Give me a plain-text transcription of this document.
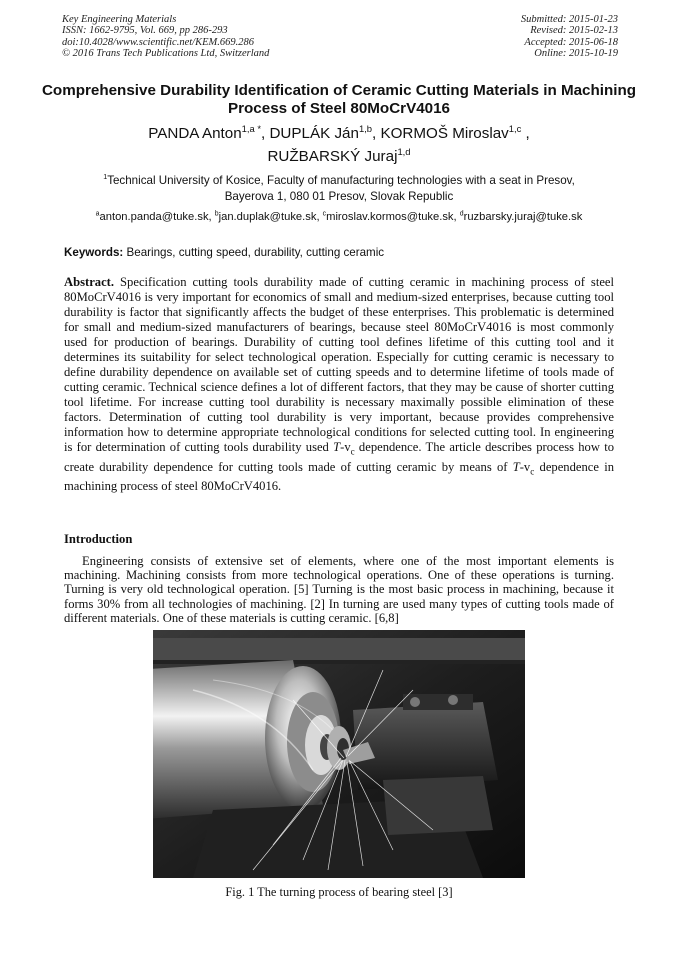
Key Engineering Materials
ISSN: 1662-9795, Vol. 669, pp 286-293
doi:10.4028/www.scientific.net/KEM.669.286
© 2016 Trans Tech Publications Ltd, Switzerland
Submitted: 2015-01-23
Revised: 2015-02-13
Accepted: 2015-06-18
Online: 2015-10-19
Comprehensive Durability Identification of Ceramic Cutting Materials in Machining Process of Steel 80MoCrV4016
PANDA Anton$^{1,a *}$, DUPLÁK Ján$^{1,b}$, KORMOŠ Miroslav$^{1,c}$ ,
RUŽBARSKÝ Juraj$^{1,d}$
$^1$Technical University of Kosice, Faculty of manufacturing technologies with a seat in Presov,
Bayerova 1, 080 01 Presov, Slovak Republic
$^a$anton.panda@tuke.sk, $^b$jan.duplak@tuke.sk, $^c$miroslav.kormos@tuke.sk, $^d$ruzbarsky.juraj@tuke.sk
Keywords: Bearings, cutting speed, durability, cutting ceramic
Abstract. Specification cutting tools durability made of cutting ceramic in machining process of steel 80MoCrV4016 is very important for economics of small and medium-sized enterprises, because cutting tool durability is factor that significantly affects the budget of these enterprises. This problematic is determined for small and medium-sized manufacturers of bearings, because steel 80MoCrV4016 is most commonly used for production of bearings. Durability of cutting tool defines lifetime of this cutting tool and it determines its suitability for select technological operation. Especially for cutting ceramic is necessary to define durability dependence on available set of cutting speeds and to determine lifetime of tools made of cutting ceramic. Technical science defines a lot of different factors, that they may be cause of shorter cutting tool lifetime. For increase cutting tool durability is necessary maximally possible elimination of these factors. Determination of cutting tool durability is very important, because provides comprehensive information how to determine appropriate technological conditions for selected cutting tool. In engineering is for determination of cutting tools durability used $T-v_c$ dependence. The article describes process how to create durability dependence for cutting tools made of cutting ceramic by means of $T-v_c$ dependence in machining process of steel 80MoCrV4016.
Introduction
Engineering consists of extensive set of elements, where one of the most important elements is machining. Machining consists from more technological operations. One of these operations is turning. Turning is very old technological operation. [5] Turning is the most basic process in machining, because it forms 30% from all technologies of machining. [2] In turning are used many types of cutting tools made of different materials. One of these materials is cutting ceramic. [6,8]
Fig. 1 The turning process of bearing steel [3]
